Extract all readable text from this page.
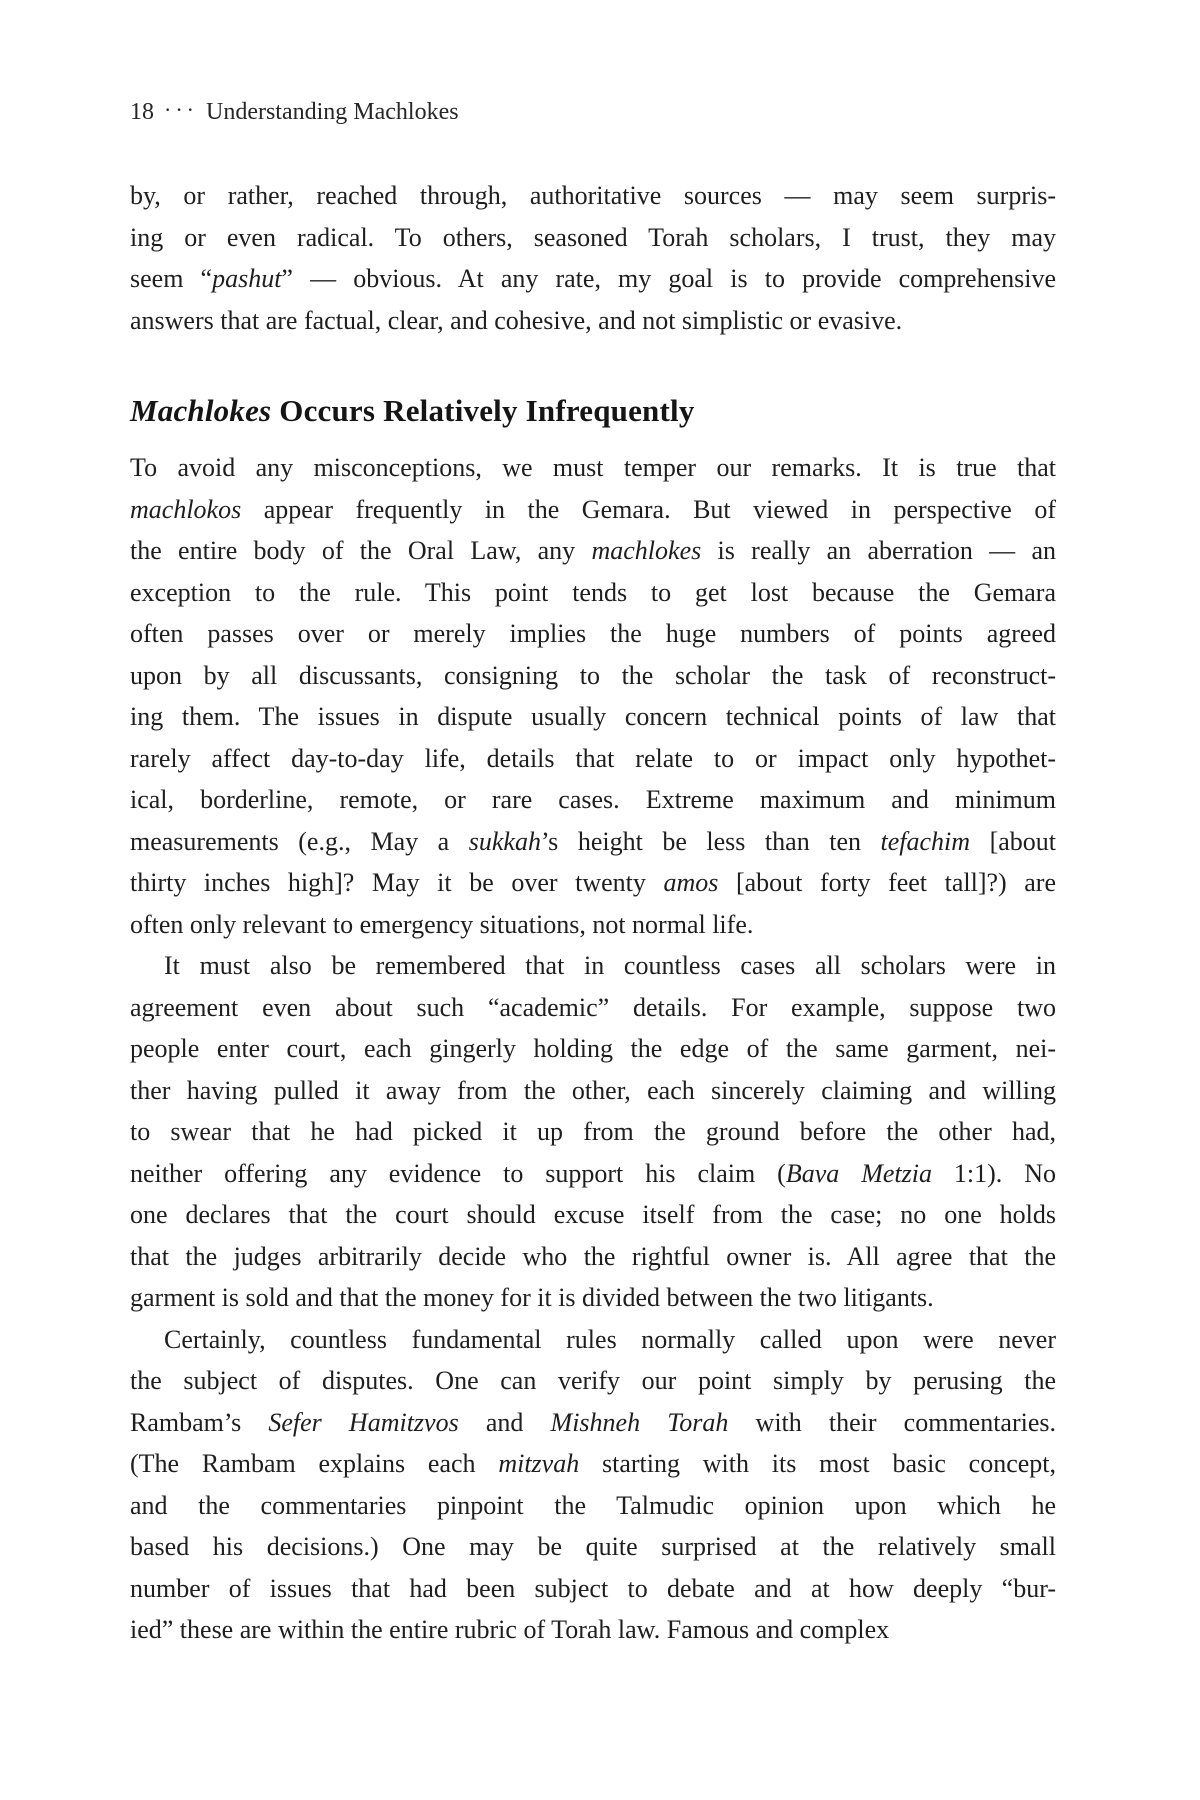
18 ··· Understanding Machlokes
by, or rather, reached through, authoritative sources — may seem surpris-
ing or even radical. To others, seasoned Torah scholars, I trust, they may
seem “pashut” — obvious. At any rate, my goal is to provide comprehensive
answers that are factual, clear, and cohesive, and not simplistic or evasive.
Machlokes Occurs Relatively Infrequently
To avoid any misconceptions, we must temper our remarks. It is true that
machlokos appear frequently in the Gemara. But viewed in perspective of
the entire body of the Oral Law, any machlokes is really an aberration — an
exception to the rule. This point tends to get lost because the Gemara
often passes over or merely implies the huge numbers of points agreed
upon by all discussants, consigning to the scholar the task of reconstruct-
ing them. The issues in dispute usually concern technical points of law that
rarely affect day-to-day life, details that relate to or impact only hypothet-
ical, borderline, remote, or rare cases. Extreme maximum and minimum
measurements (e.g., May a sukkah’s height be less than ten tefachim [about
thirty inches high]? May it be over twenty amos [about forty feet tall]?) are
often only relevant to emergency situations, not normal life.
It must also be remembered that in countless cases all scholars were in
agreement even about such “academic” details. For example, suppose two
people enter court, each gingerly holding the edge of the same garment, nei-
ther having pulled it away from the other, each sincerely claiming and willing
to swear that he had picked it up from the ground before the other had,
neither offering any evidence to support his claim (Bava Metzia 1:1). No
one declares that the court should excuse itself from the case; no one holds
that the judges arbitrarily decide who the rightful owner is. All agree that the
garment is sold and that the money for it is divided between the two litigants.
Certainly, countless fundamental rules normally called upon were never
the subject of disputes. One can verify our point simply by perusing the
Rambam’s Sefer Hamitzvos and Mishneh Torah with their commentaries.
(The Rambam explains each mitzvah starting with its most basic concept,
and the commentaries pinpoint the Talmudic opinion upon which he
based his decisions.) One may be quite surprised at the relatively small
number of issues that had been subject to debate and at how deeply “bur-
ied” these are within the entire rubric of Torah law. Famous and complex
